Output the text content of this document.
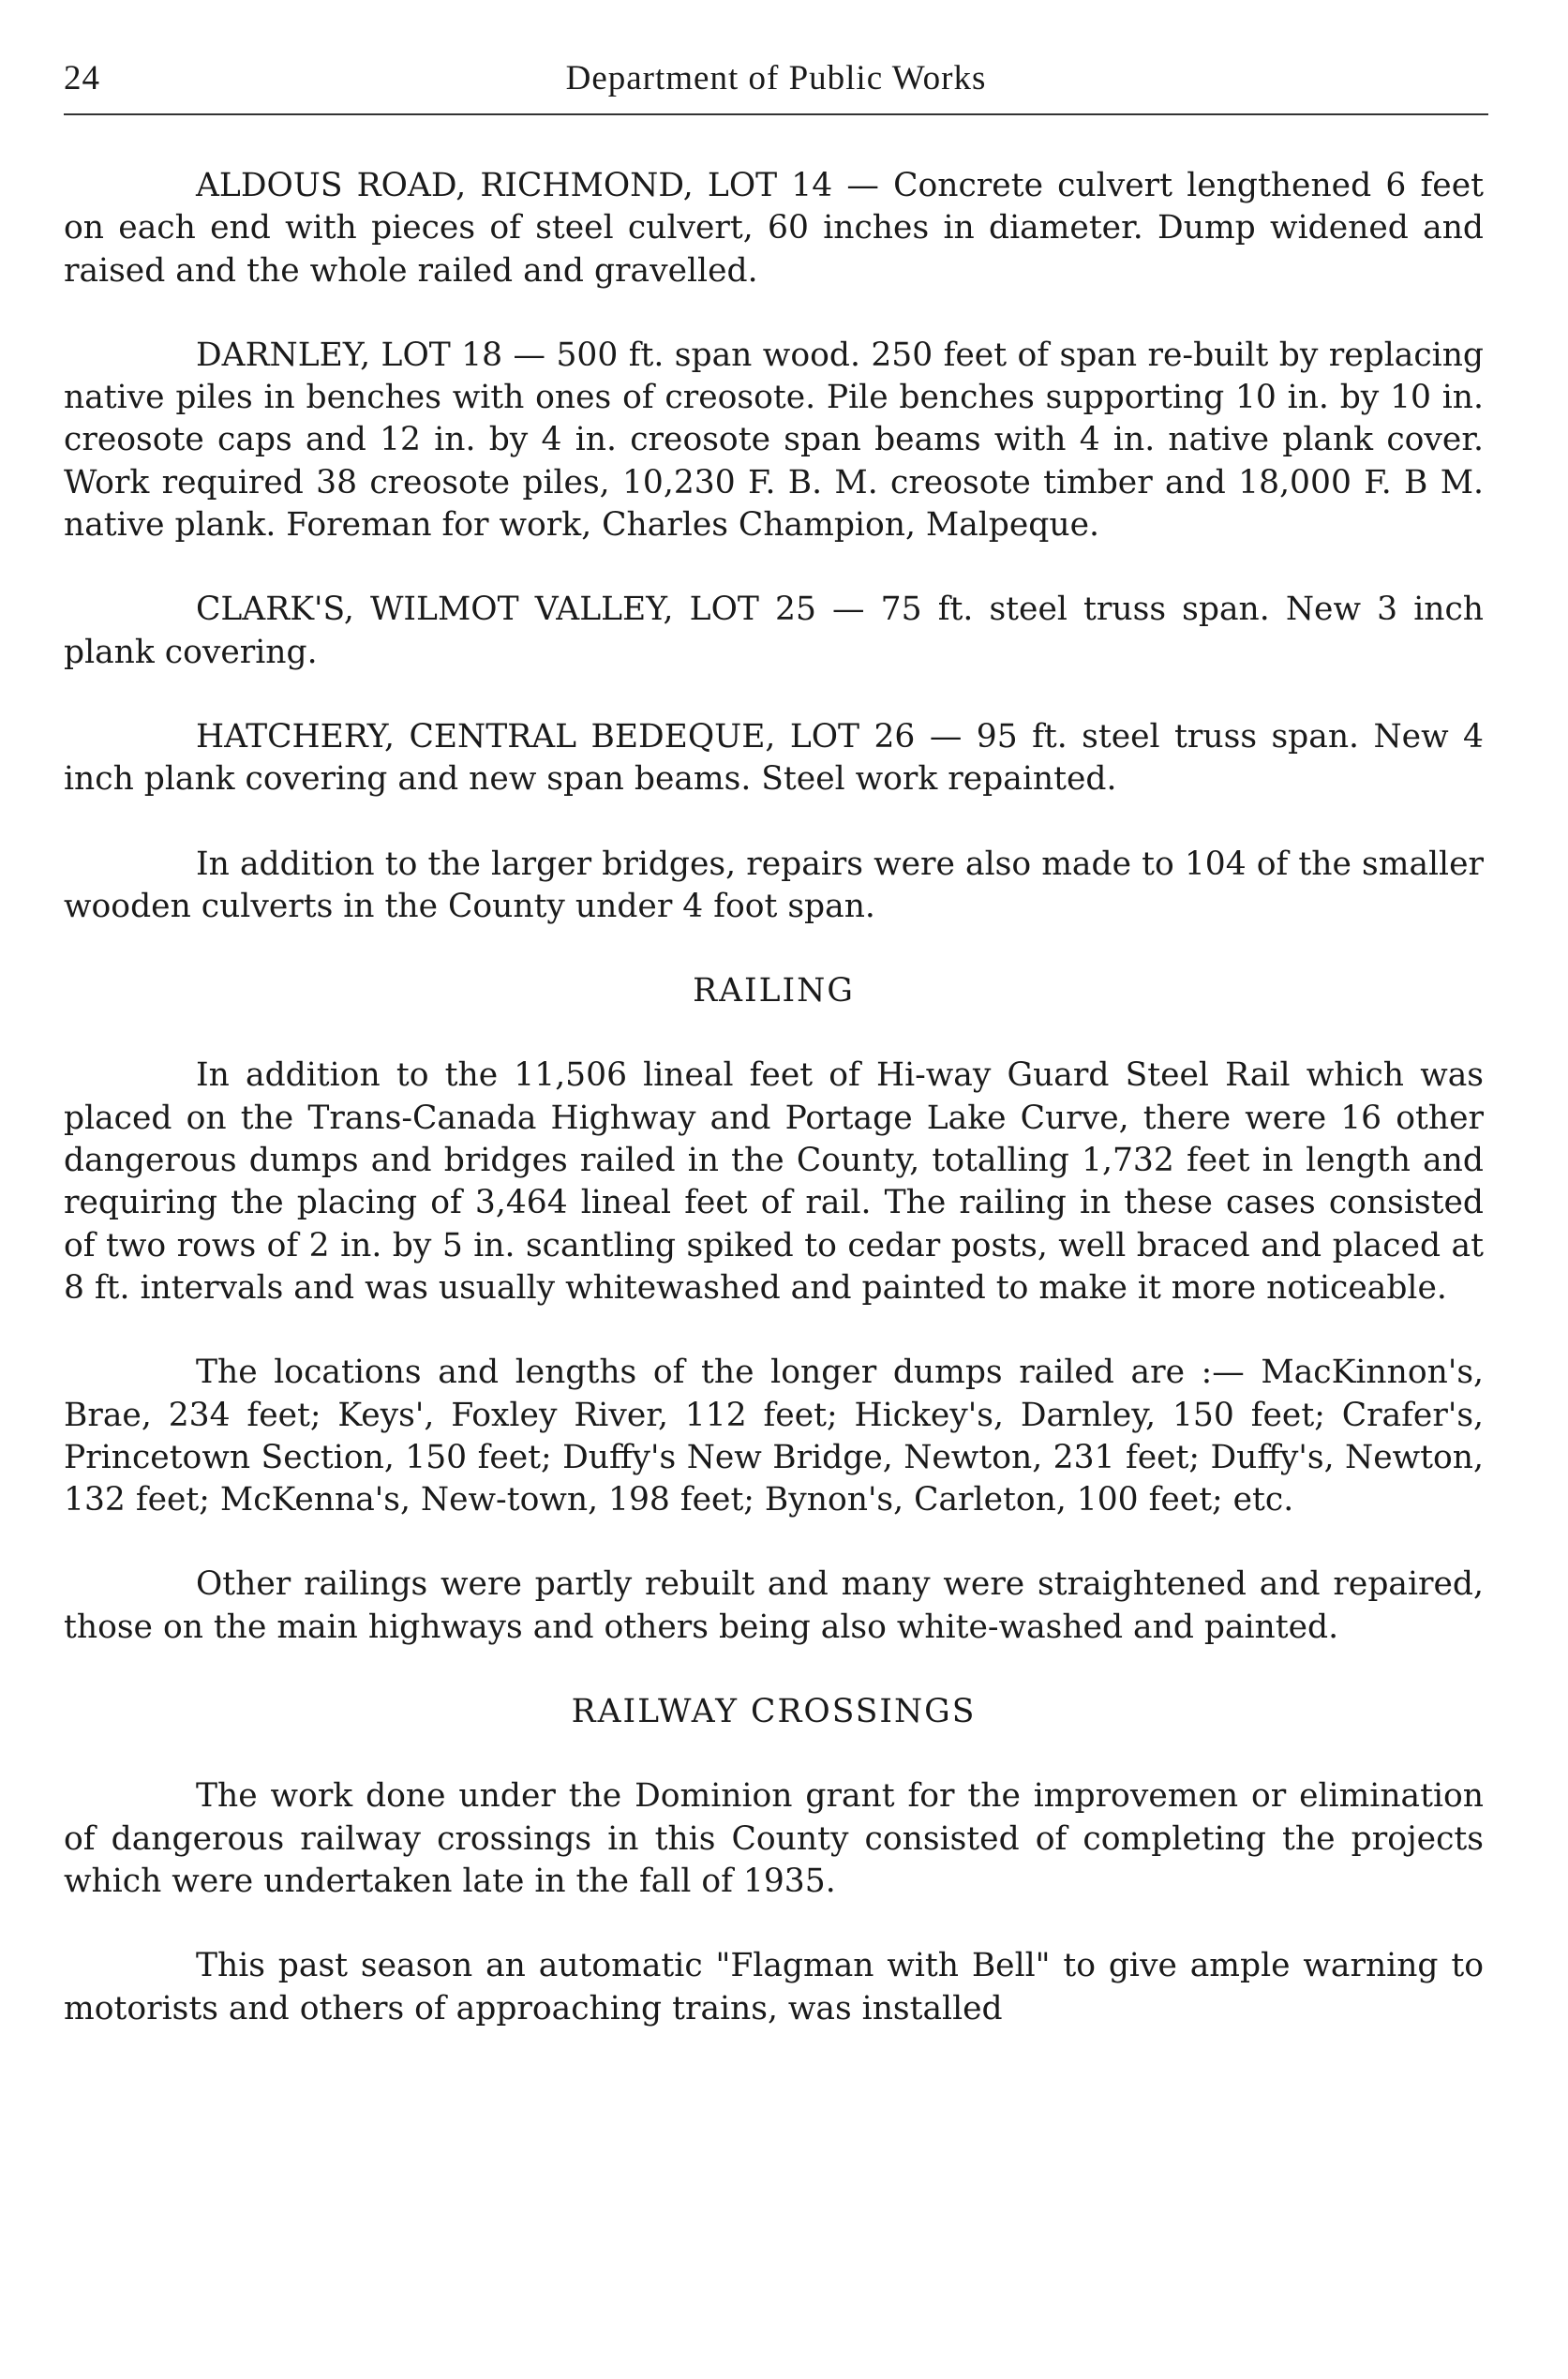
24	Department of Public Works

ALDOUS ROAD, RICHMOND, LOT 14 — Concrete culvert lengthened 6 feet on each end with pieces of steel culvert, 60 inches in diameter. Dump widened and raised and the whole railed and gravelled.

DARNLEY, LOT 18 — 500 ft. span wood. 250 feet of span re-built by replacing native piles in benches with ones of creosote. Pile benches supporting 10 in. by 10 in. creosote caps and 12 in. by 4 in. creosote span beams with 4 in. native plank cover. Work required 38 creosote piles, 10,230 F. B. M. creosote timber and 18,000 F. B M. native plank. Foreman for work, Charles Champion, Malpeque.

CLARK'S, WILMOT VALLEY, LOT 25 — 75 ft. steel truss span. New 3 inch plank covering.

HATCHERY, CENTRAL BEDEQUE, LOT 26 — 95 ft. steel truss span. New 4 inch plank covering and new span beams. Steel work repainted.

In addition to the larger bridges, repairs were also made to 104 of the smaller wooden culverts in the County under 4 foot span.

RAILING

In addition to the 11,506 lineal feet of Hi-way Guard Steel Rail which was placed on the Trans-Canada Highway and Portage Lake Curve, there were 16 other dangerous dumps and bridges railed in the County, totalling 1,732 feet in length and requiring the placing of 3,464 lineal feet of rail. The railing in these cases consisted of two rows of 2 in. by 5 in. scantling spiked to cedar posts, well braced and placed at 8 ft. intervals and was usually whitewashed and painted to make it more noticeable.

The locations and lengths of the longer dumps railed are :— MacKinnon's, Brae, 234 feet; Keys', Foxley River, 112 feet; Hickey's, Darnley, 150 feet; Crafer's, Princetown Section, 150 feet; Duffy's New Bridge, Newton, 231 feet; Duffy's, Newton, 132 feet; McKenna's, New-town, 198 feet; Bynon's, Carleton, 100 feet; etc.

Other railings were partly rebuilt and many were straightened and repaired, those on the main highways and others being also white-washed and painted.

RAILWAY CROSSINGS

The work done under the Dominion grant for the improvemen or elimination of dangerous railway crossings in this County consisted of completing the projects which were undertaken late in the fall of 1935.

This past season an automatic "Flagman with Bell" to give ample warning to motorists and others of approaching trains, was installed
